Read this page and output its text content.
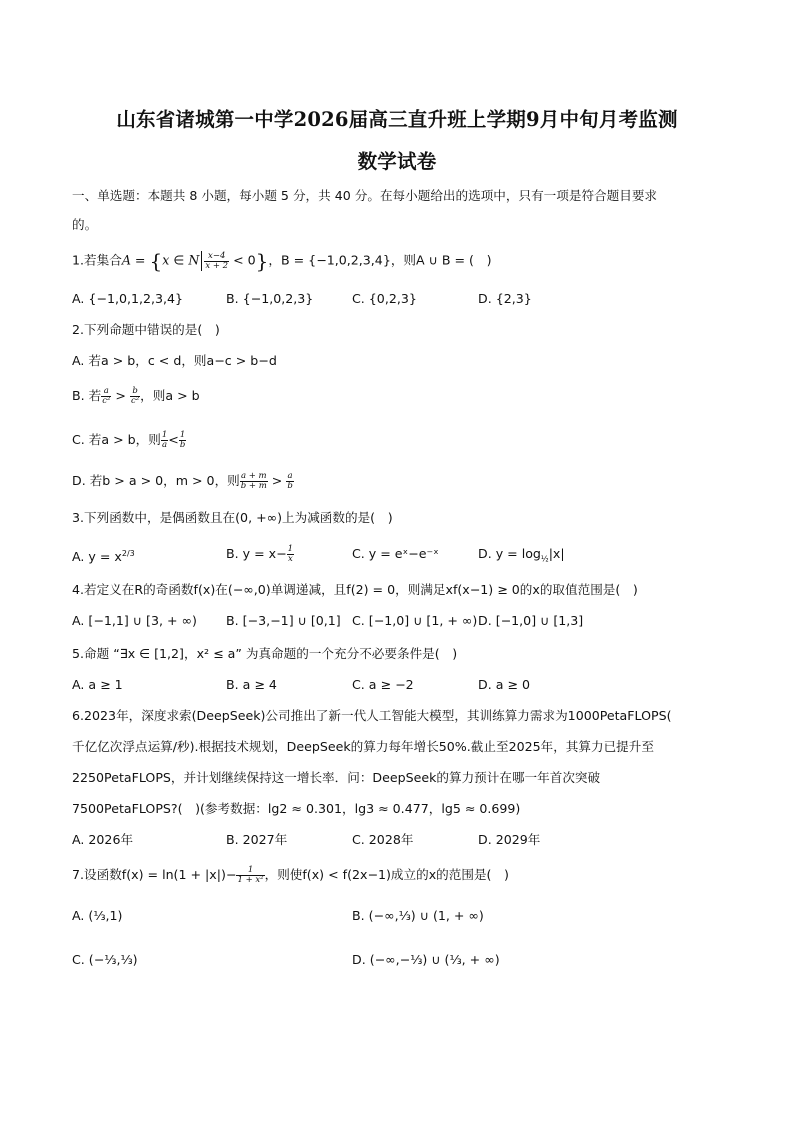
山东省诸城第一中学2026届高三直升班上学期9月中旬月考监测
数学试卷
一、单选题：本题共 8 小题，每小题 5 分，共 40 分。在每小题给出的选项中，只有一项是符合题目要求
的。
1.若集合A = {x ∈ N $\frac{x-4}{x + 2} < 0$}，B = {−1,0,2,3,4}，则A ∪ B = (　)
A. {−1,0,1,2,3,4}	B. {−1,0,2,3}	C. {0,2,3}	D. {2,3}
2.下列命题中错误的是(　)
A. 若a > b，c < d，则a−c > b−d
B. 若 $\frac{a}{\text{c²}} > \frac{b}{\text{c²}}$ ，则a > b
C. 若a > b，则 $\frac{1}{a} < \frac{1}{b}$
D. 若b > a > 0，m > 0，则 $\frac{a + m}{b + m} > \frac{a}{b}$
3.下列函数中，是偶函数且在(0, +∞)上为减函数的是(　)
A. $y = x^{2/3}$	B. $y = x- \frac{1}{x}$	C. y = eˣ−e⁻ˣ	D. $y = \log_{\frac{1}{2}}|x|$
4.若定义在R的奇函数f(x)在(−∞,0)单调递减，且f(2) = 0，则满足xf(x−1) ≥ 0的x的取值范围是(　)
A. [−1,1] ∪ [3, + ∞) B. [−3,−1] ∪ [0,1] C. [−1,0] ∪ [1, + ∞) D. [−1,0] ∪ [1,3]
5.命题 “∃x ∈ [1,2]，x² ≤ a” 为真命题的一个充分不必要条件是(　)
A. a ≥ 1	B. a ≥ 4	C. a ≥ −2	D. a ≥ 0
6.2023年，深度求索(DeepSeek)公司推出了新一代人工智能大模型，其训练算力需求为1000PetaFLOPS(
千亿亿次浮点运算/秒).根据技术规划，DeepSeek的算力每年增长50%.截止至2025年，其算力已提升至
2250PetaFLOPS，并计划继续保持这一增长率．问：DeepSeek的算力预计在哪一年首次突破
7500PetaFLOPS?(　)(参考数据：lg2 ≈ 0.301，lg3 ≈ 0.477，lg5 ≈ 0.699)
A. 2026年	B. 2027年	C. 2028年	D. 2029年
7.设函数$f(x) = \ln(1 + |x|)- \frac{1}{\text{1 + x²}}$ ，则使f(x) < f(2x−1)成立的x的范围是(　)
A. (⅓,1)	B. (−∞,⅓) ∪ (1, + ∞)
C. (−⅓,⅓)	D. (−∞,−⅓) ∪ (⅓, + ∞)
